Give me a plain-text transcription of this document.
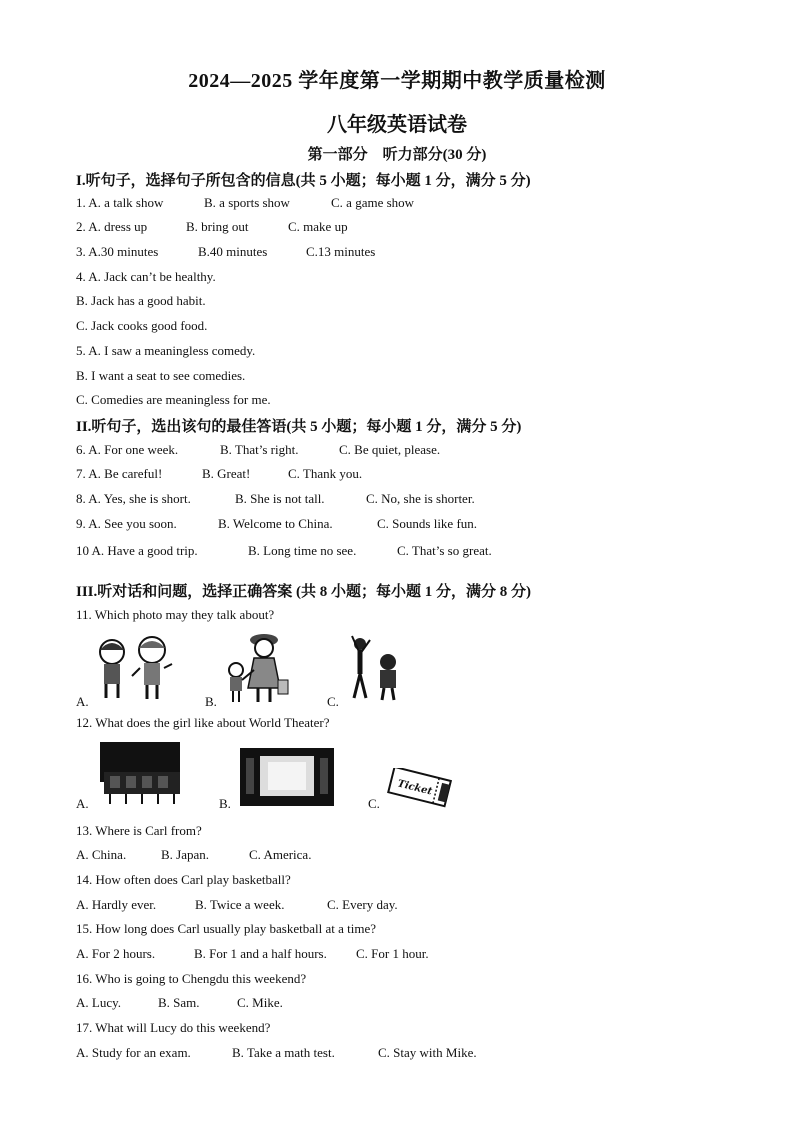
2024—2025 学年度第一学期期中教学质量检测
八年级英语试卷
第一部分　听力部分(30 分)
I.听句子，选择句子所包含的信息(共 5 小题；每小题 1 分，满分 5 分)
1. A. a talk show	B. a sports show	C. a game show
2. A. dress up	B. bring out	C. make up
3. A.30 minutes	B.40 minutes	C.13 minutes
4. A. Jack can’t be healthy.
B. Jack has a good habit.
C. Jack cooks good food.
5. A. I saw a meaningless comedy.
B. I want a seat to see comedies.
C. Comedies are meaningless for me.
II.听句子，选出该句的最佳答语(共 5 小题；每小题 1 分，满分 5 分)
6. A. For one week.	B. That’s right.	C. Be quiet, please.
7. A. Be careful!	B. Great!	C. Thank you.
8. A. Yes, she is short.	B. She is not tall.	C. No, she is shorter.
9. A. See you soon.	B. Welcome to China.	C. Sounds like fun.
10 A. Have a good trip.	B. Long time no see.	C. That’s so great.
III.听对话和问题，选择正确答案 (共 8 小题；每小题 1 分，满分 8 分)
11. Which photo may they talk about?
A.	B.	C.
12. What does the girl like about World Theater?
A.	B.	C.
Ticket
13. Where is Carl from?
A. China.	B. Japan.	C. America.
14. How often does Carl play basketball?
A. Hardly ever.	B. Twice a week.	C. Every day.
15. How long does Carl usually play basketball at a time?
A. For 2 hours.	B. For 1 and a half hours. C. For 1 hour.
16. Who is going to Chengdu this weekend?
A. Lucy.	B. Sam.	C. Mike.
17. What will Lucy do this weekend?
A. Study for an exam.	B. Take a math test.	C. Stay with Mike.
